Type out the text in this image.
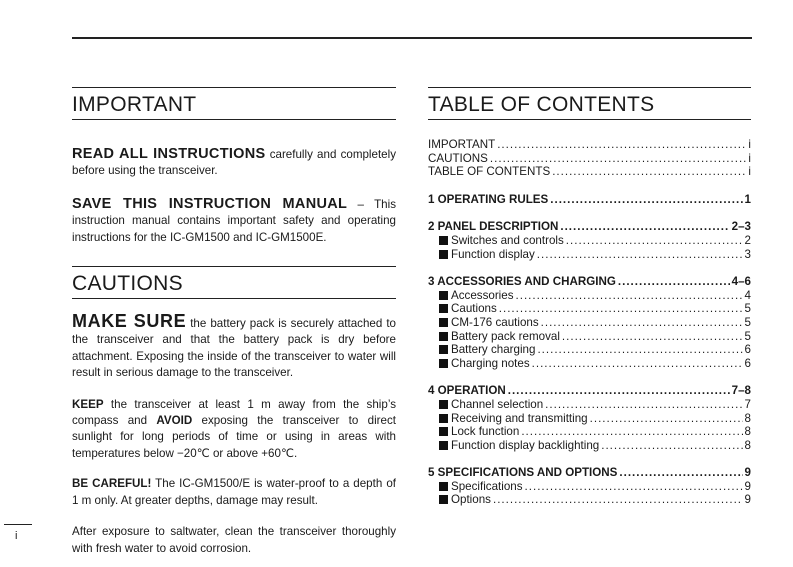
IMPORTANT

READ ALL INSTRUCTIONS carefully and completely before using the transceiver.

SAVE THIS INSTRUCTION MANUAL – This instruction manual contains important safety and operating instructions for the IC-GM1500 and IC-GM1500E.

CAUTIONS

MAKE SURE the battery pack is securely attached to the transceiver and that the battery pack is dry before attachment. Exposing the inside of the transceiver to water will result in serious damage to the transceiver.

KEEP the transceiver at least 1 m away from the ship’s compass and AVOID exposing the transceiver to direct sunlight for long periods of time or using in areas with temperatures below −20℃ or above +60℃.

BE CAREFUL! The IC-GM1500/E is water-proof to a depth of 1 m only. At greater depths, damage may result.

After exposure to saltwater, clean the transceiver thoroughly with fresh water to avoid corrosion.

TABLE OF CONTENTS
IMPORTANT .....	i
CAUTIONS .....	i
TABLE OF CONTENTS .....	i
1 OPERATING RULES .....	1
2 PANEL DESCRIPTION .....	2–3
Switches and controls .....	2
Function display .....	3
3 ACCESSORIES AND CHARGING .....	4–6
Accessories .....	4
Cautions .....	5
CM-176 cautions .....	5
Battery pack removal .....	5
Battery charging .....	6
Charging notes .....	6
4 OPERATION .....	7–8
Channel selection .....	7
Receiving and transmitting .....	8
Lock function .....	8
Function display backlighting .....	8
5 SPECIFICATIONS AND OPTIONS .....	9
Specifications .....	9
Options .....	9
i
